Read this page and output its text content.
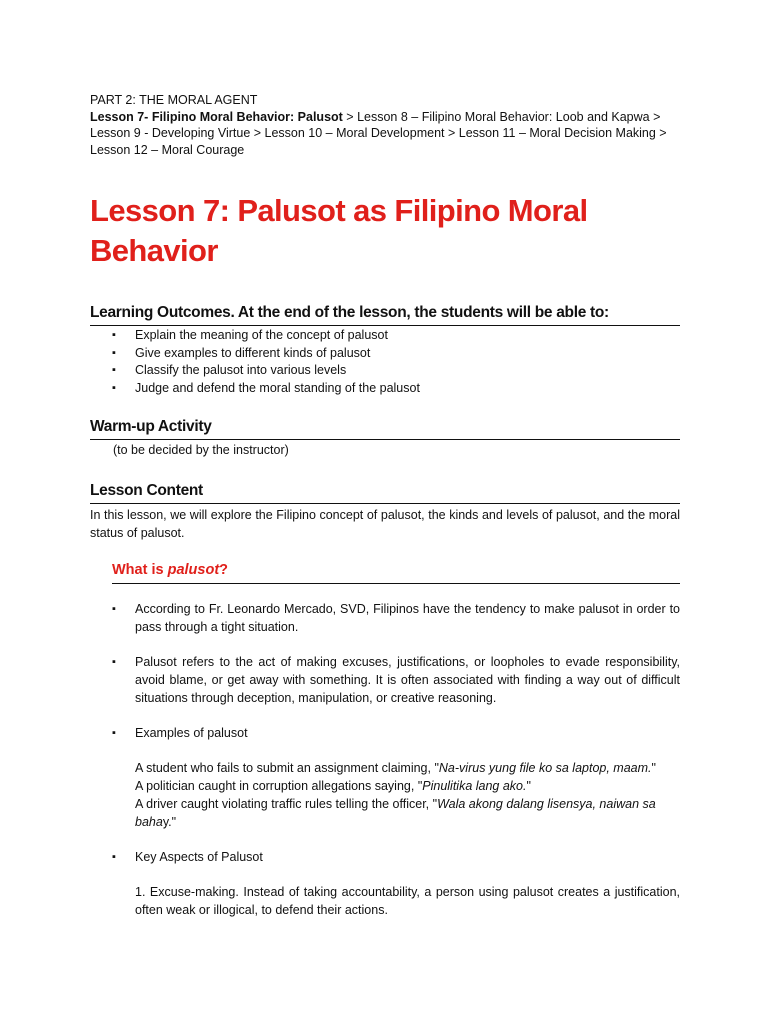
PART 2: THE MORAL AGENT
Lesson 7- Filipino Moral Behavior: Palusot > Lesson 8 – Filipino Moral Behavior: Loob and Kapwa >
Lesson 9 - Developing Virtue > Lesson 10 – Moral Development > Lesson 11 – Moral Decision Making >
Lesson 12 – Moral Courage
Lesson 7: Palusot as Filipino Moral Behavior
Learning Outcomes. At the end of the lesson, the students will be able to:
▪ Explain the meaning of the concept of palusot
▪ Give examples to different kinds of palusot
▪ Classify the palusot into various levels
▪ Judge and defend the moral standing of the palusot
Warm-up Activity
(to be decided by the instructor)
Lesson Content
In this lesson, we will explore the Filipino concept of palusot, the kinds and levels of palusot, and the moral status of palusot.
What is palusot?
▪ According to Fr. Leonardo Mercado, SVD, Filipinos have the tendency to make palusot in order to pass through a tight situation.
▪ Palusot refers to the act of making excuses, justifications, or loopholes to evade responsibility, avoid blame, or get away with something. It is often associated with finding a way out of difficult situations through deception, manipulation, or creative reasoning.
▪ Examples of palusot
A student who fails to submit an assignment claiming, "Na-virus yung file ko sa laptop, maam."
A politician caught in corruption allegations saying, "Pinulitika lang ako."
A driver caught violating traffic rules telling the officer, "Wala akong dalang lisensya, naiwan sa bahay."
▪ Key Aspects of Palusot
1. Excuse-making. Instead of taking accountability, a person using palusot creates a justification, often weak or illogical, to defend their actions.
